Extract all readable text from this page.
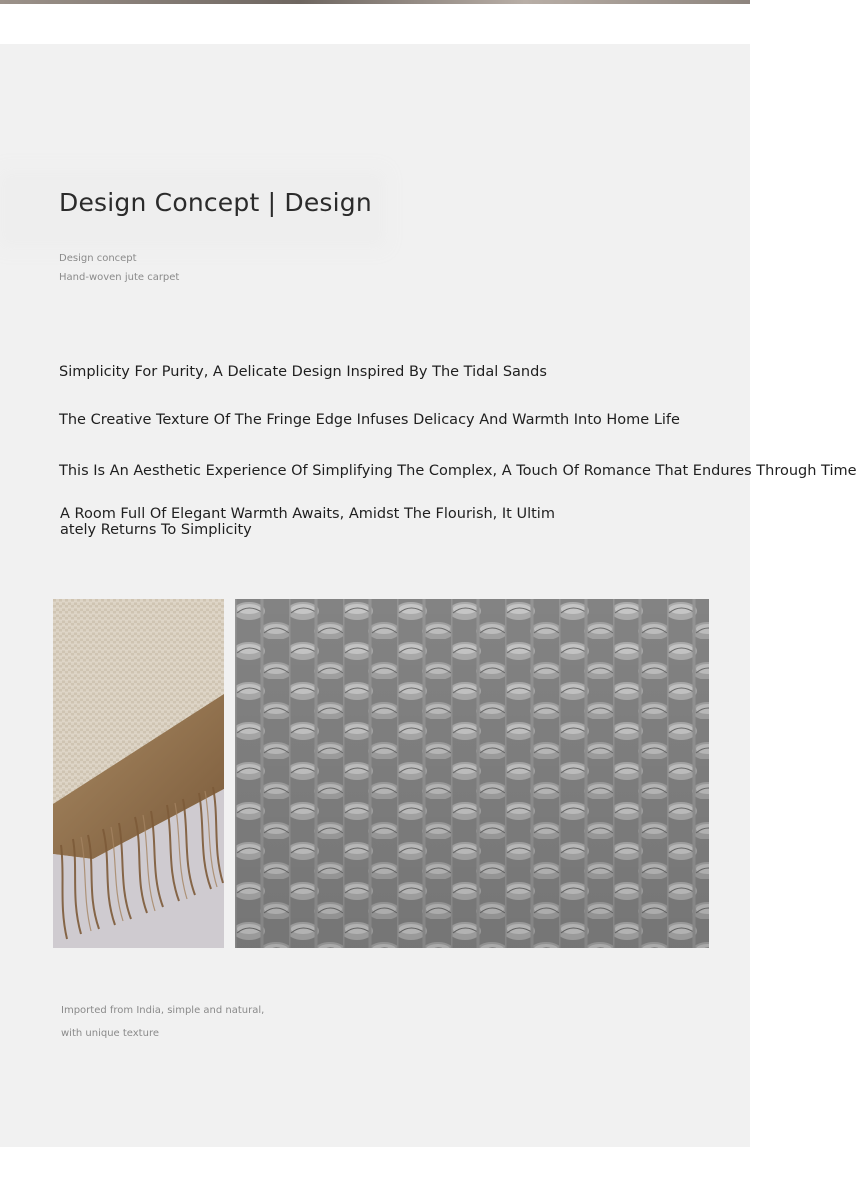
Design Concept | Design

Design concept

Hand-woven jute carpet

Simplicity For Purity, A Delicate Design Inspired By The Tidal Sands

The Creative Texture Of The Fringe Edge Infuses Delicacy And Warmth Into Home Life

This Is An Aesthetic Experience Of Simplifying The Complex, A Touch Of Romance That Endures Through Time

A Room Full Of Elegant Warmth Awaits, Amidst The Flourish, It Ultim ately Returns To Simplicity

Imported from India, simple and natural,

with unique texture
